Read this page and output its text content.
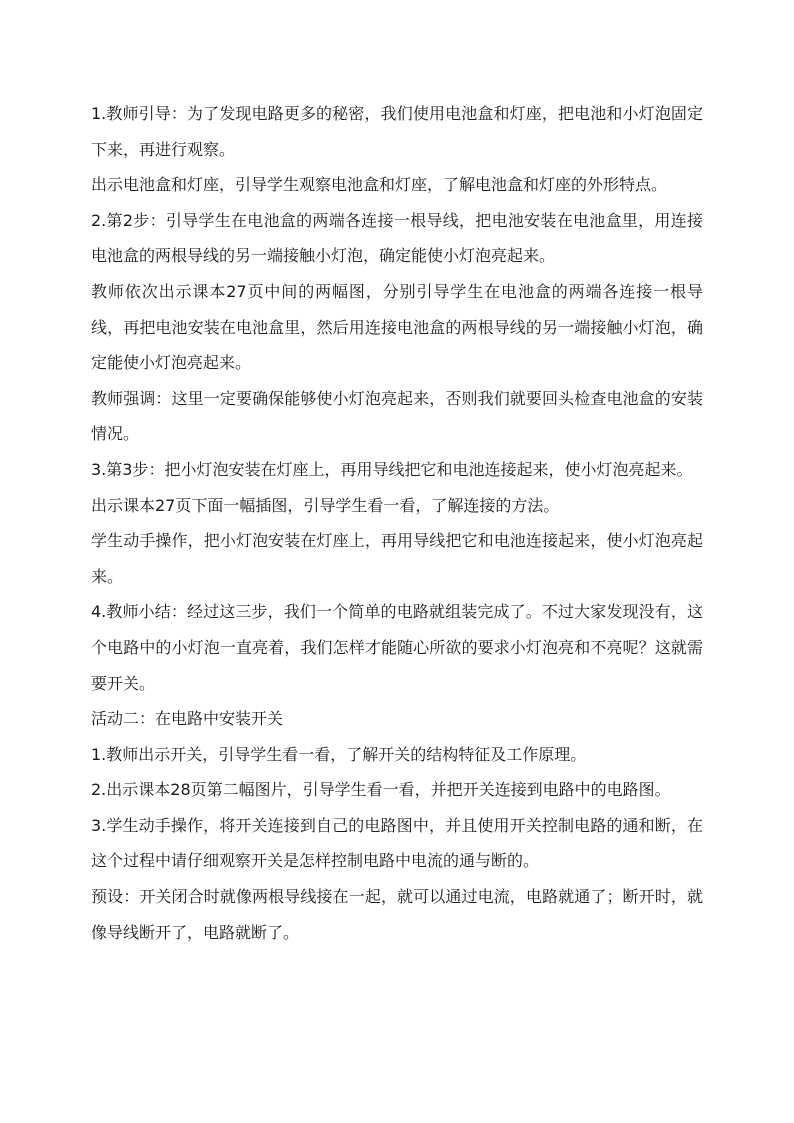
1.教师引导：为了发现电路更多的秘密，我们使用电池盒和灯座，把电池和小灯泡固定下来，再进行观察。

出示电池盒和灯座，引导学生观察电池盒和灯座，了解电池盒和灯座的外形特点。

2.第2步：引导学生在电池盒的两端各连接一根导线，把电池安装在电池盒里，用连接电池盒的两根导线的另一端接触小灯泡，确定能使小灯泡亮起来。

教师依次出示课本27页中间的两幅图，分别引导学生在电池盒的两端各连接一根导线，再把电池安装在电池盒里，然后用连接电池盒的两根导线的另一端接触小灯泡，确定能使小灯泡亮起来。

教师强调：这里一定要确保能够使小灯泡亮起来，否则我们就要回头检查电池盒的安装情况。

3.第3步：把小灯泡安装在灯座上，再用导线把它和电池连接起来，使小灯泡亮起来。

出示课本27页下面一幅插图，引导学生看一看，了解连接的方法。

学生动手操作，把小灯泡安装在灯座上，再用导线把它和电池连接起来，使小灯泡亮起来。

4.教师小结：经过这三步，我们一个简单的电路就组装完成了。不过大家发现没有，这个电路中的小灯泡一直亮着，我们怎样才能随心所欲的要求小灯泡亮和不亮呢？这就需要开关。

活动二：在电路中安装开关

1.教师出示开关，引导学生看一看，了解开关的结构特征及工作原理。

2.出示课本28页第二幅图片，引导学生看一看，并把开关连接到电路中的电路图。

3.学生动手操作，将开关连接到自己的电路图中，并且使用开关控制电路的通和断，在这个过程中请仔细观察开关是怎样控制电路中电流的通与断的。

预设：开关闭合时就像两根导线接在一起，就可以通过电流，电路就通了；断开时，就像导线断开了，电路就断了。
